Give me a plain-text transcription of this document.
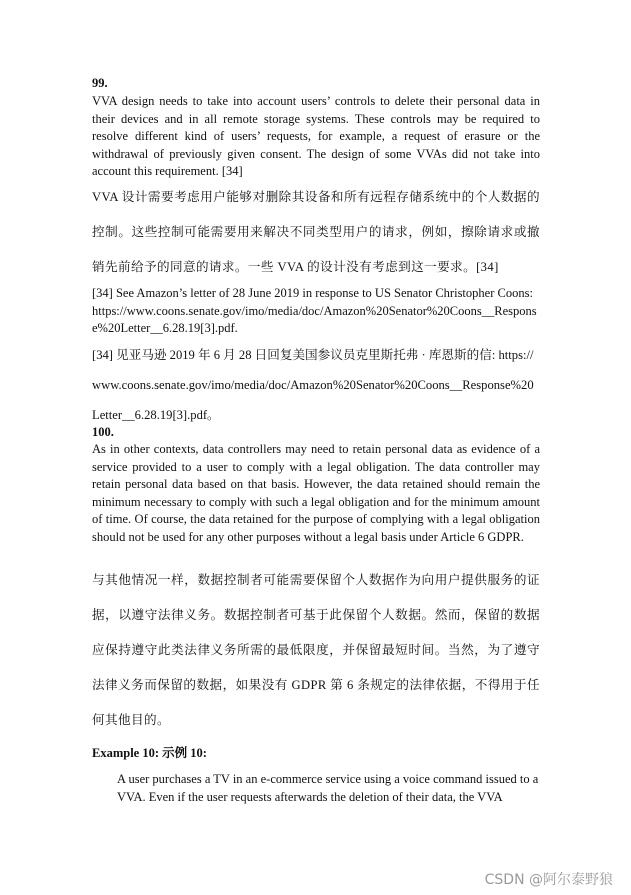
99.

VVA design needs to take into account users’ controls to delete their personal data in their devices and in all remote storage systems. These controls may be required to resolve different kind of users’ requests, for example, a request of erasure or the withdrawal of previously given consent. The design of some VVAs did not take into account this requirement. [34]

VVA 设计需要考虑用户能够对删除其设备和所有远程存储系统中的个人数据的控制。这些控制可能需要用来解决不同类型用户的请求，例如，擦除请求或撤销先前给予的同意的请求。一些 VVA 的设计没有考虑到这一要求。[34]

[34] See Amazon’s letter of 28 June 2019 in response to US Senator Christopher Coons: https://www.coons.senate.gov/imo/media/doc/Amazon%20Senator%20Coons__Response%20Letter__6.28.19[3].pdf.

[34] 见亚马逊 2019 年 6 月 28 日回复美国参议员克里斯托弗 · 库恩斯的信: https://www.coons.senate.gov/imo/media/doc/Amazon%20Senator%20Coons__Response%20Letter__6.28.19[3].pdf。

100.

As in other contexts, data controllers may need to retain personal data as evidence of a service provided to a user to comply with a legal obligation. The data controller may retain personal data based on that basis. However, the data retained should remain the minimum necessary to comply with such a legal obligation and for the minimum amount of time. Of course, the data retained for the purpose of complying with a legal obligation should not be used for any other purposes without a legal basis under Article 6 GDPR.

与其他情况一样，数据控制者可能需要保留个人数据作为向用户提供服务的证据，以遵守法律义务。数据控制者可基于此保留个人数据。然而，保留的数据应保持遵守此类法律义务所需的最低限度，并保留最短时间。当然，为了遵守法律义务而保留的数据，如果没有 GDPR 第 6 条规定的法律依据，不得用于任何其他目的。

Example 10: 示例 10:

A user purchases a TV in an e-commerce service using a voice command issued to a VVA. Even if the user requests afterwards the deletion of their data, the VVA

CSDN @阿尔泰野狼
